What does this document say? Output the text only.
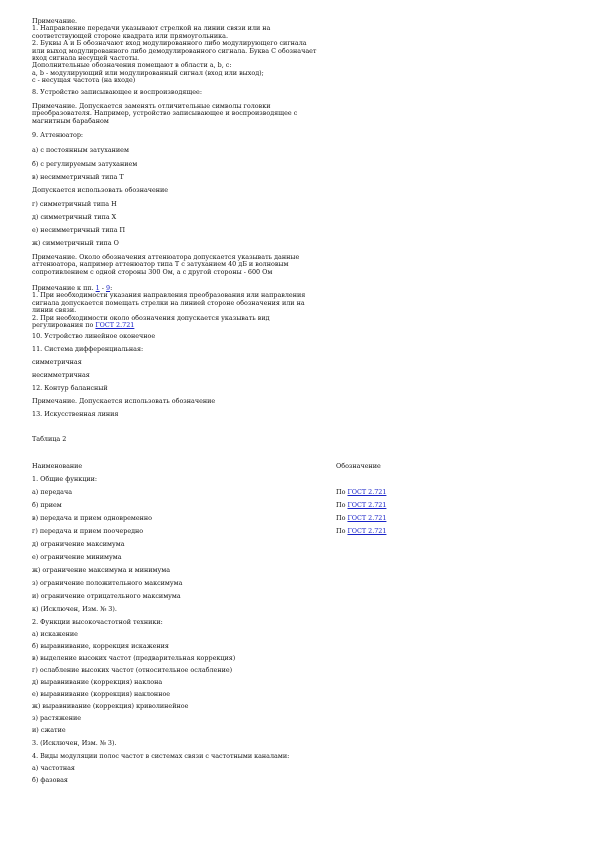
Примечание.
1. Направление передачи указывают стрелкой на линии связи или на соответствующей стороне квадрата или прямоугольника.
2. Буквы А и Б обозначают вход модулированного либо модулирующего сигнала или выход модулированного либо демодулированного сигнала. Буква С обозначает вход сигнала несущей частоты.
Дополнительные обозначения помещают в области a, b, c:
a, b - модулирующий или модулированный сигнал (вход или выход);
c - несущая частота (на входе)
8. Устройство записывающее и воспроизводящее:
Примечание. Допускается заменять отличительные символы головки преобразователя. Например, устройство записывающее и воспроизводящее с магнитным барабаном
9. Аттенюатор:
а) с постоянным затуханием
б) с регулируемым затуханием
в) несимметричный типа Т
Допускается использовать обозначение
г) симметричный типа Н
д) симметричный типа Х
е) несимметричный типа П
ж) симметричный типа О
Примечание. Около обозначения аттенюатора допускается указывать данные аттенюатора, например аттенюатор типа Т с затуханием 40 дБ и волновым сопротивлением с одной стороны 300 Ом, а с другой стороны - 600 Ом
Примечание к пп. 1 - 9:
1. При необходимости указания направления преобразования или направления сигнала допускается помещать стрелки на линией стороне обозначения или на линии связи.
2. При необходимости около обозначения допускается указывать вид регулирования по ГОСТ 2.721
10. Устройство линейное оконечное
11. Система дифференциальная:
симметричная
несимметричная
12. Контур балансный
Примечание. Допускается использовать обозначение
13. Искусственная линия
Таблица 2
Наименование	Обозначение
1. Общие функции:
а) передача	По ГОСТ 2.721
б) прием	По ГОСТ 2.721
в) передача и прием одновременно	По ГОСТ 2.721
г) передача и прием поочередно	По ГОСТ 2.721
д) ограничение максимума
е) ограничение минимума
ж) ограничение максимума и минимума
з) ограничение положительного максимума
и) ограничение отрицательного максимума
к) (Исключен, Изм. № 3).
2. Функции высокочастотной техники:
а) искажение
б) выравнивание, коррекция искажения
в) выделение высоких частот (предварительная коррекция)
г) ослабление высоких частот (относительное ослабление)
д) выравнивание (коррекция) наклона
е) выравнивание (коррекция) наклонное
ж) выравнивание (коррекция) криволинейное
з) растяжение
и) сжатие
3. (Исключен, Изм. № 3).
4. Виды модуляции полос частот в системах связи с частотными каналами:
а) частотная
б) фазовая
